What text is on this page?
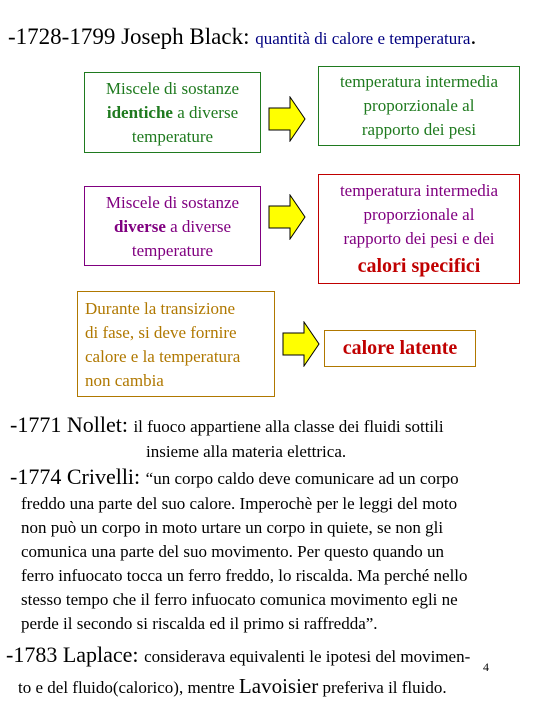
-1728-1799 Joseph Black: quantità di calore e temperatura.
Miscele di sostanze
identiche a diverse
temperature
temperatura intermedia
proporzionale al
rapporto dei pesi
Miscele di sostanze
diverse a diverse
temperature
temperatura intermedia
proporzionale al
rapporto dei pesi e dei
calori specifici
Durante la transizione
di fase, si deve fornire
calore e la temperatura
non cambia
calore latente
-1771 Nollet: il fuoco appartiene alla classe dei fluidi sottili
insieme alla materia elettrica.
-1774 Crivelli: “un corpo caldo deve comunicare ad un corpo
freddo una parte del suo calore. Imperochè per le leggi del moto
non può un corpo in moto urtare un corpo in quiete, se non gli
comunica una parte del suo movimento. Per questo quando un
ferro infuocato tocca un ferro freddo, lo riscalda. Ma perché nello
stesso tempo che il ferro infuocato comunica movimento egli ne
perde il secondo si riscalda ed il primo si raffredda”.
-1783 Laplace: considerava equivalenti le ipotesi del movimen-
to e del fluido(calorico), mentre Lavoisier preferiva il fluido.
4
